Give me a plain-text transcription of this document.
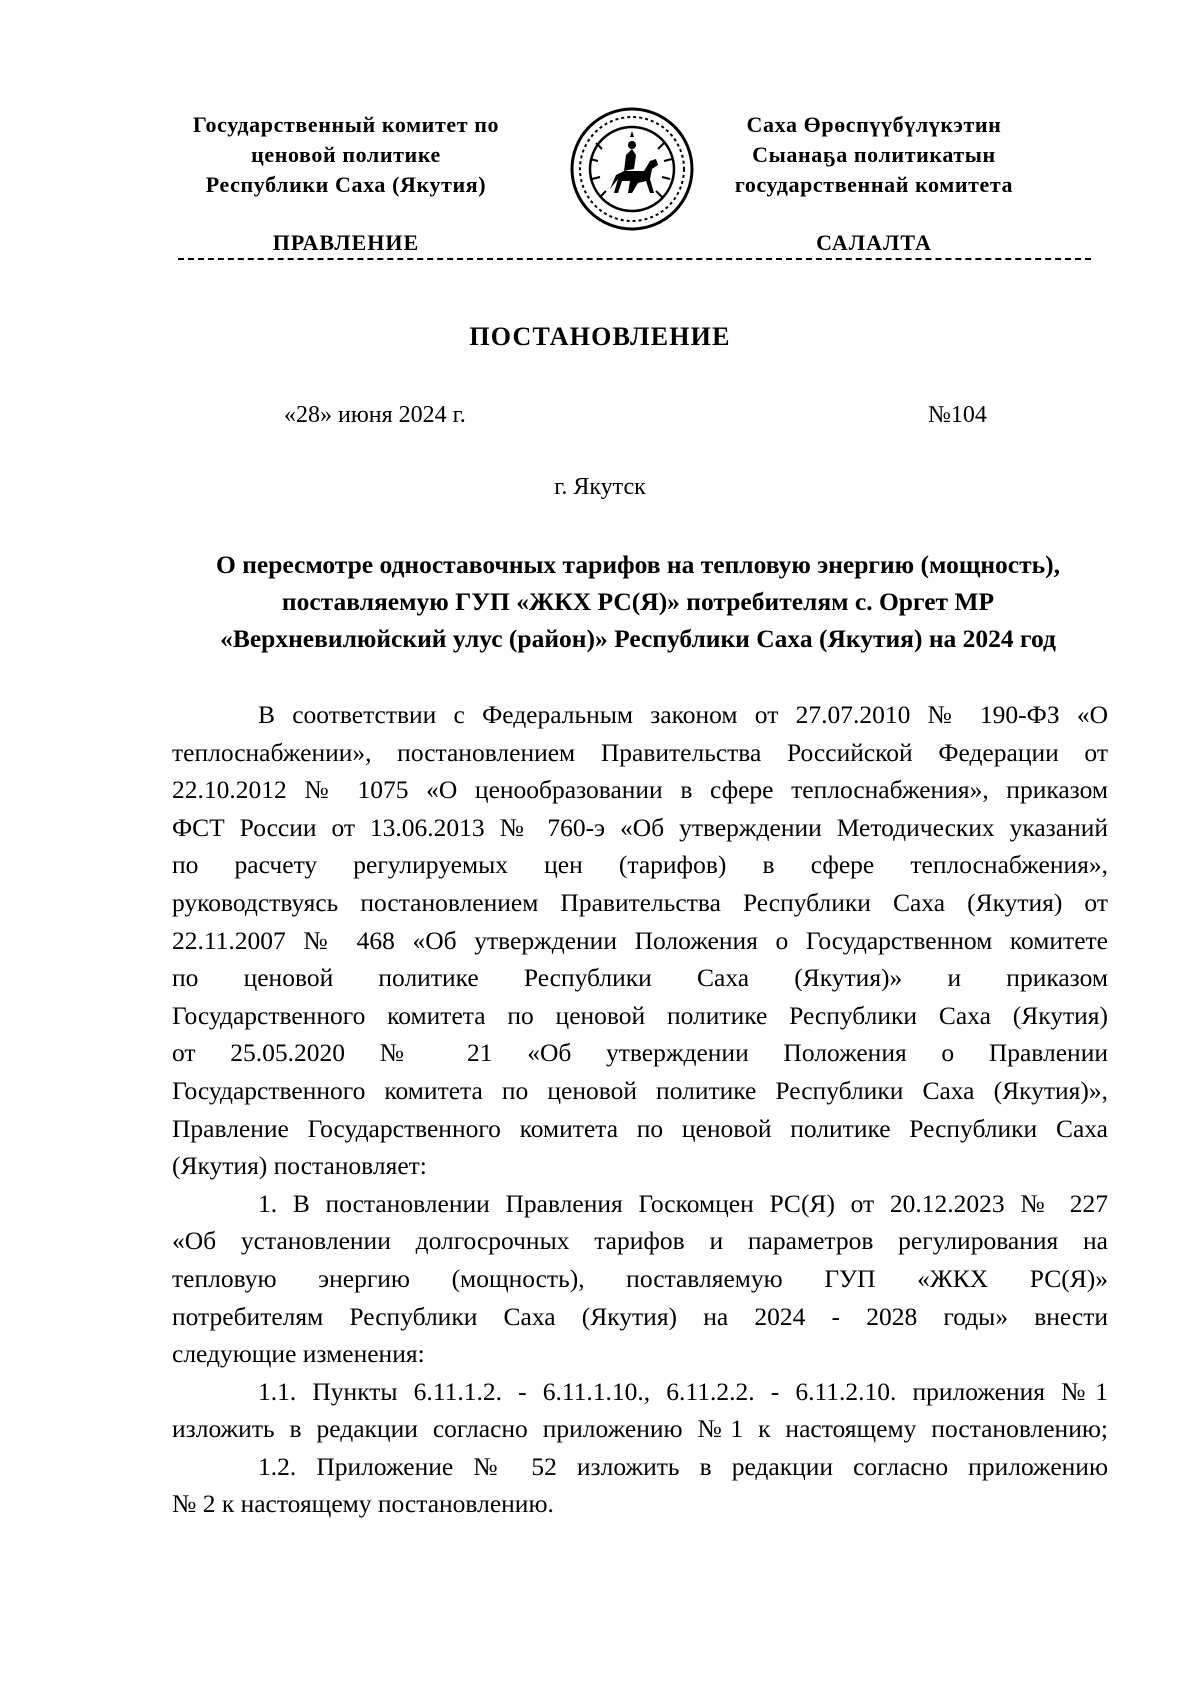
Государственный комитет по
ценовой политике
Республики Саха (Якутия)
Саха Өрөспүүбүлүкэтин
Сыанаҕа политикатын
государственнай комитета
ПРАВЛЕНИЕ	САЛАЛТА
ПОСТАНОВЛЕНИЕ
«28» июня 2024 г.	№104
г. Якутск
О пересмотре одноставочных тарифов на тепловую энергию (мощность),
поставляемую ГУП «ЖКХ РС(Я)» потребителям с. Оргет МР
«Верхневилюйский улус (район)» Республики Саха (Якутия) на 2024 год
В соответствии с Федеральным законом от 27.07.2010 № 190-ФЗ «О
теплоснабжении», постановлением Правительства Российской Федерации от
22.10.2012 № 1075 «О ценообразовании в сфере теплоснабжения», приказом
ФСТ России от 13.06.2013 № 760-э «Об утверждении Методических указаний
по расчету регулируемых цен (тарифов) в сфере теплоснабжения»,
руководствуясь постановлением Правительства Республики Саха (Якутия) от
22.11.2007 № 468 «Об утверждении Положения о Государственном комитете
по ценовой политике Республики Саха (Якутия)» и приказом
Государственного комитета по ценовой политике Республики Саха (Якутия)
от 25.05.2020 № 21 «Об утверждении Положения о Правлении
Государственного комитета по ценовой политике Республики Саха (Якутия)»,
Правление Государственного комитета по ценовой политике Республики Саха
(Якутия) постановляет:
1. В постановлении Правления Госкомцен РС(Я) от 20.12.2023 № 227
«Об установлении долгосрочных тарифов и параметров регулирования на
тепловую энергию (мощность), поставляемую ГУП «ЖКХ РС(Я)»
потребителям Республики Саха (Якутия) на 2024 - 2028 годы» внести
следующие изменения:
1.1. Пункты 6.11.1.2. - 6.11.1.10., 6.11.2.2. - 6.11.2.10. приложения №1
изложить в редакции согласно приложению №1 к настоящему постановлению;
1.2. Приложение № 52 изложить в редакции согласно приложению
№ 2 к настоящему постановлению.
